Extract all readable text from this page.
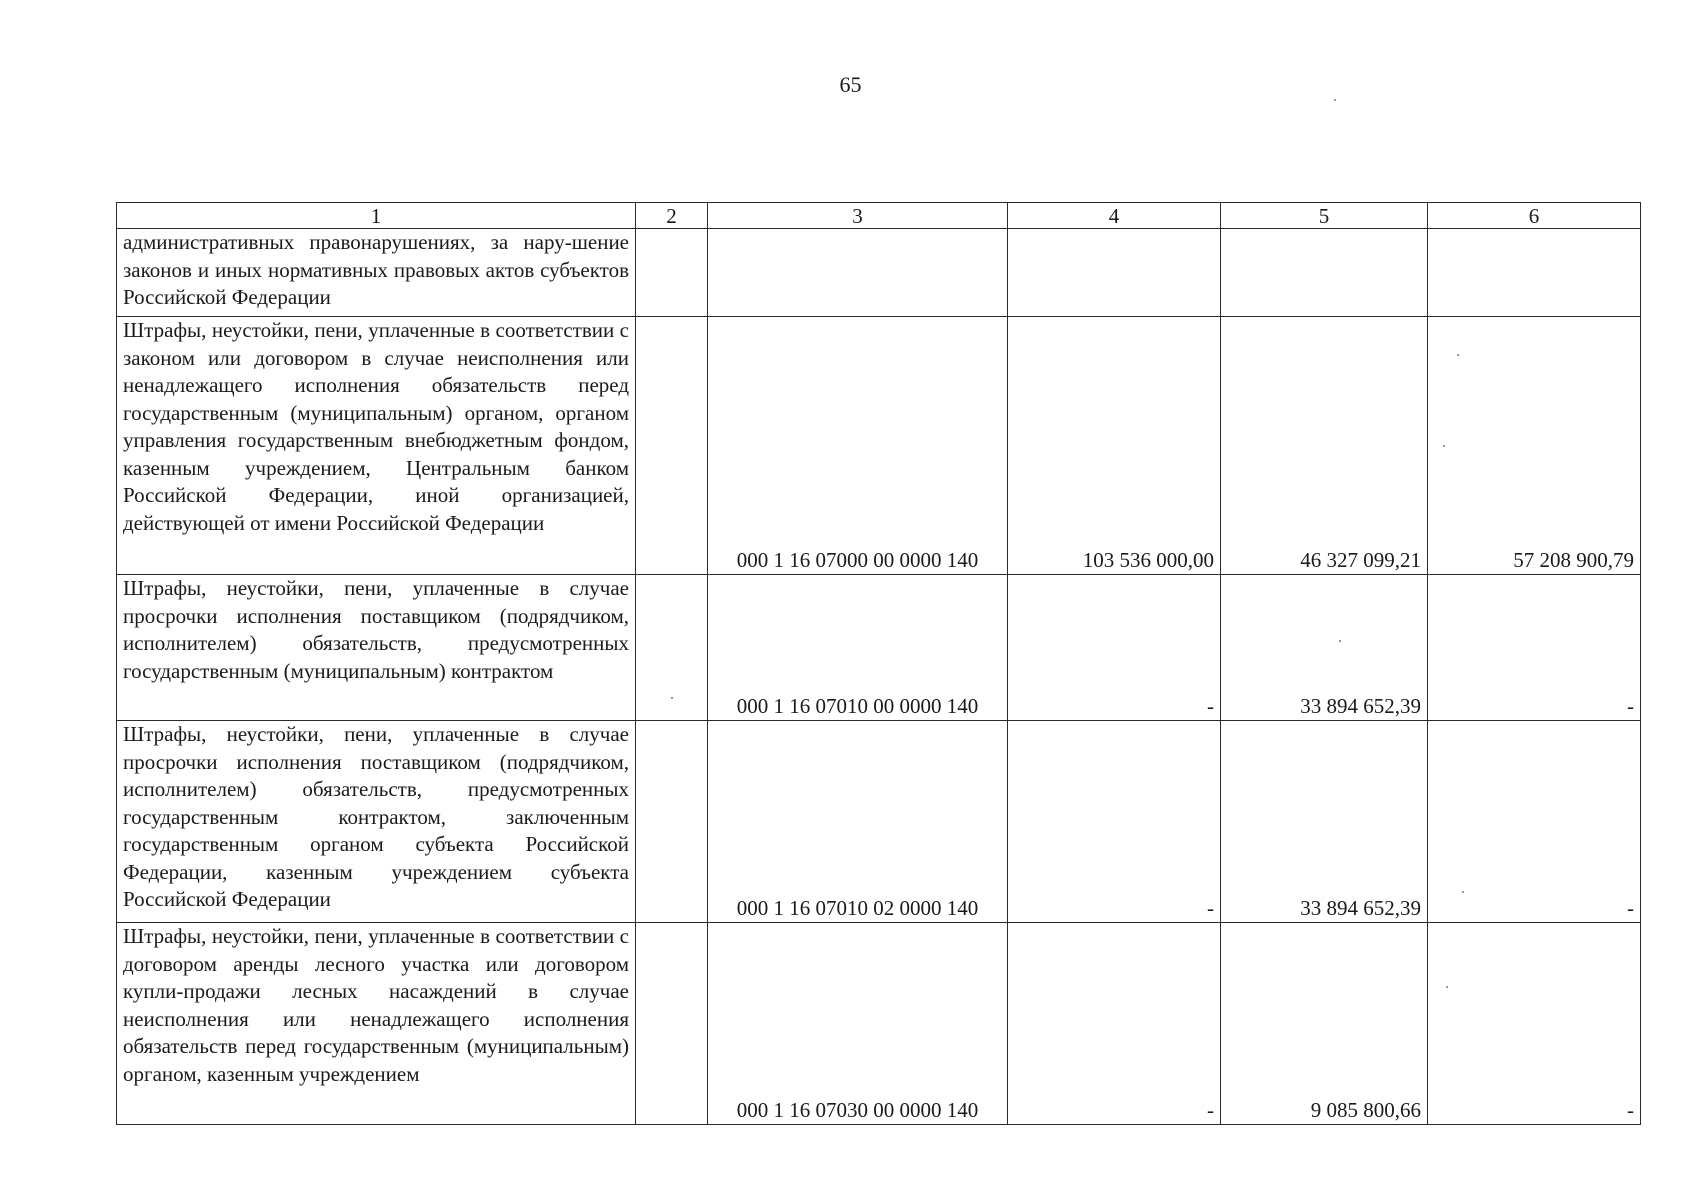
65
1	2	3	4	5	6
административных правонарушениях, за нару-шение законов и иных нормативных правовых актов субъектов Российской Федерации					
Штрафы, неустойки, пени, уплаченные в соответствии с законом или договором в случае неисполнения или ненадлежащего исполнения обязательств перед государственным (муниципальным) органом, органом управления государственным внебюджетным фондом, казенным учреждением, Центральным банком Российской Федерации, иной организацией, действующей от имени Российской Федерации		000 1 16 07000 00 0000 140	103 536 000,00	46 327 099,21	57 208 900,79
Штрафы, неустойки, пени, уплаченные в случае просрочки исполнения поставщиком (подрядчиком, исполнителем) обязательств, предусмотренных государственным (муниципальным) контрактом		000 1 16 07010 00 0000 140	-	33 894 652,39	-
Штрафы, неустойки, пени, уплаченные в случае просрочки исполнения поставщиком (подрядчиком, исполнителем) обязательств, предусмотренных государственным контрактом, заключенным государственным органом субъекта Российской Федерации, казенным учреждением субъекта Российской Федерации		000 1 16 07010 02 0000 140	-	33 894 652,39	-
Штрафы, неустойки, пени, уплаченные в соответствии с договором аренды лесного участка или договором купли-продажи лесных насаждений в случае неисполнения или ненадлежащего исполнения обязательств перед государственным (муниципальным) органом, казенным учреждением		000 1 16 07030 00 0000 140	-	9 085 800,66	-
